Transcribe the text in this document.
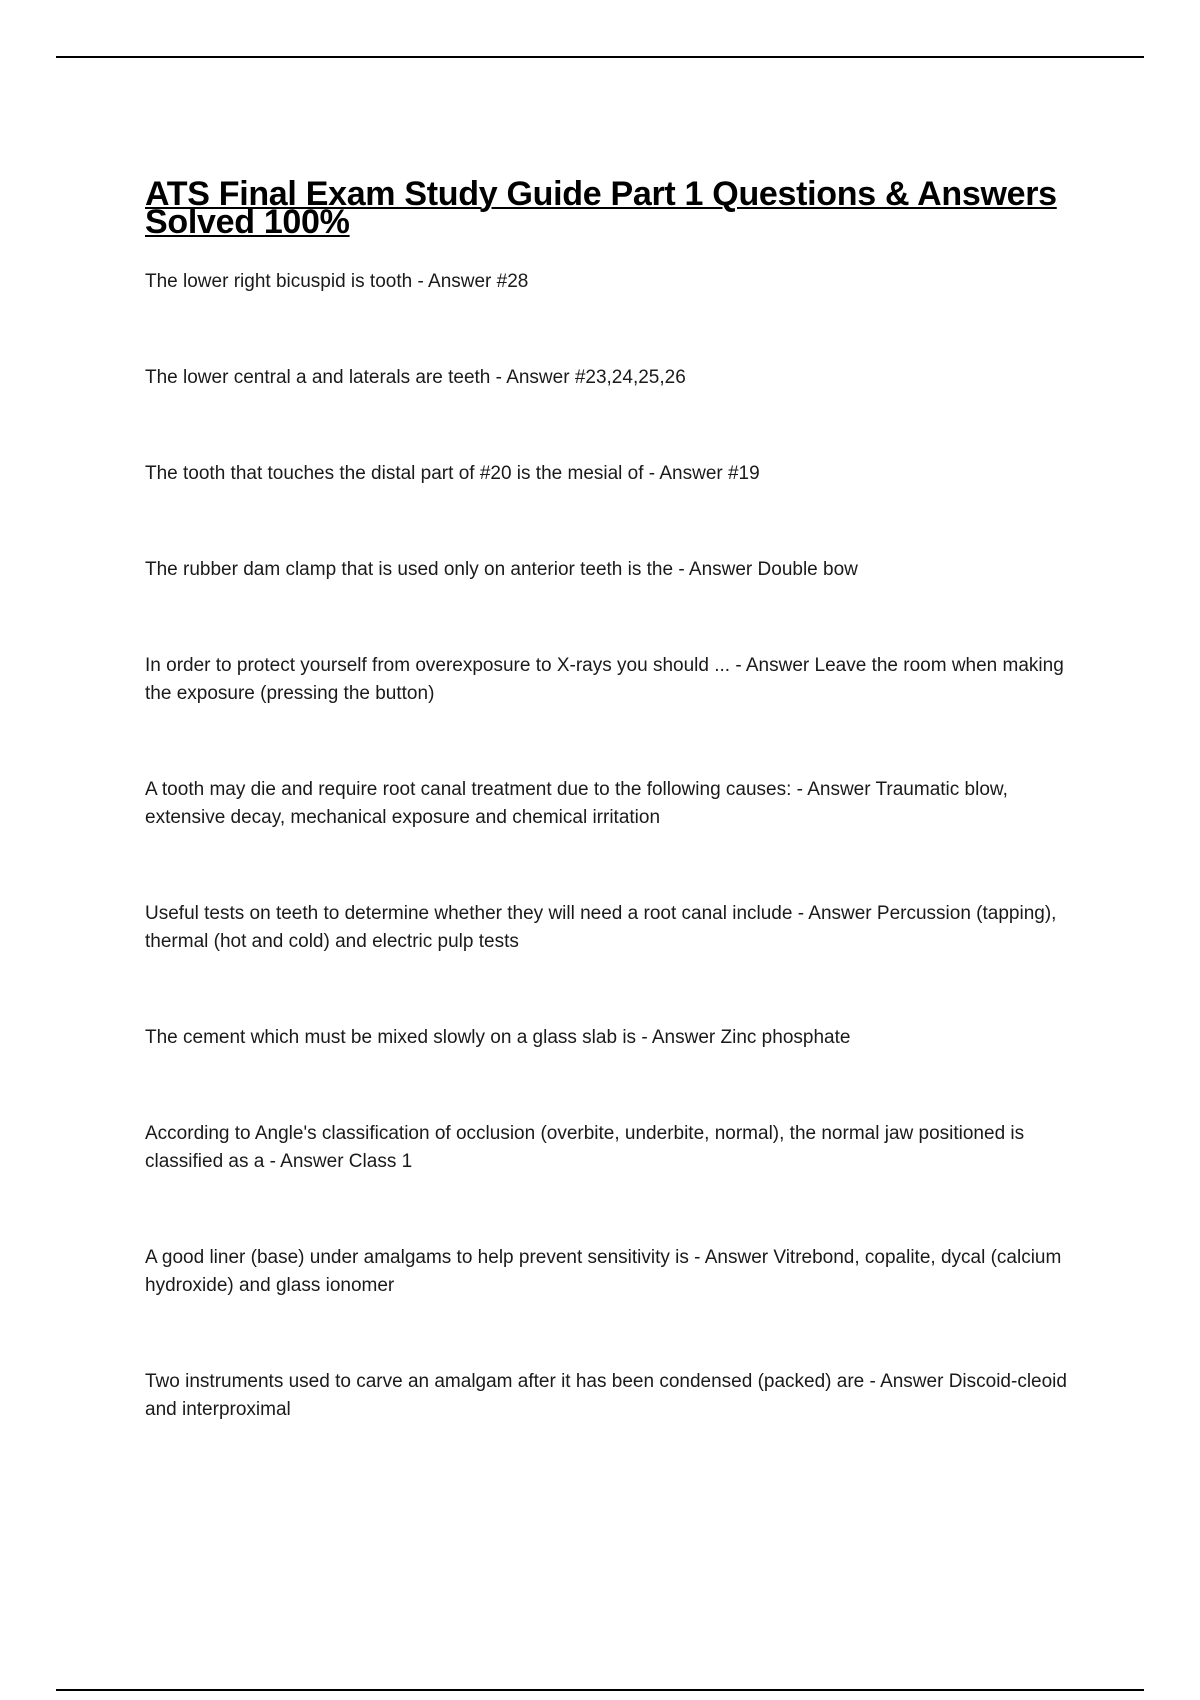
ATS Final Exam Study Guide Part 1 Questions & Answers Solved 100%

The lower right bicuspid is tooth - Answer #28

The lower central a and laterals are teeth - Answer #23,24,25,26

The tooth that touches the distal part of #20 is the mesial of - Answer #19

The rubber dam clamp that is used only on anterior teeth is the - Answer Double bow

In order to protect yourself from overexposure to X-rays you should ... - Answer Leave the room when making the exposure (pressing the button)

A tooth may die and require root canal treatment due to the following causes: - Answer Traumatic blow, extensive decay, mechanical exposure and chemical irritation

Useful tests on teeth to determine whether they will need a root canal include - Answer Percussion (tapping), thermal (hot and cold) and electric pulp tests

The cement which must be mixed slowly on a glass slab is - Answer Zinc phosphate

According to Angle's classification of occlusion (overbite, underbite, normal), the normal jaw positioned is classified as a - Answer Class 1

A good liner (base) under amalgams to help prevent sensitivity is - Answer Vitrebond, copalite, dycal (calcium hydroxide) and glass ionomer

Two instruments used to carve an amalgam after it has been condensed (packed) are - Answer Discoid-cleoid and interproximal
